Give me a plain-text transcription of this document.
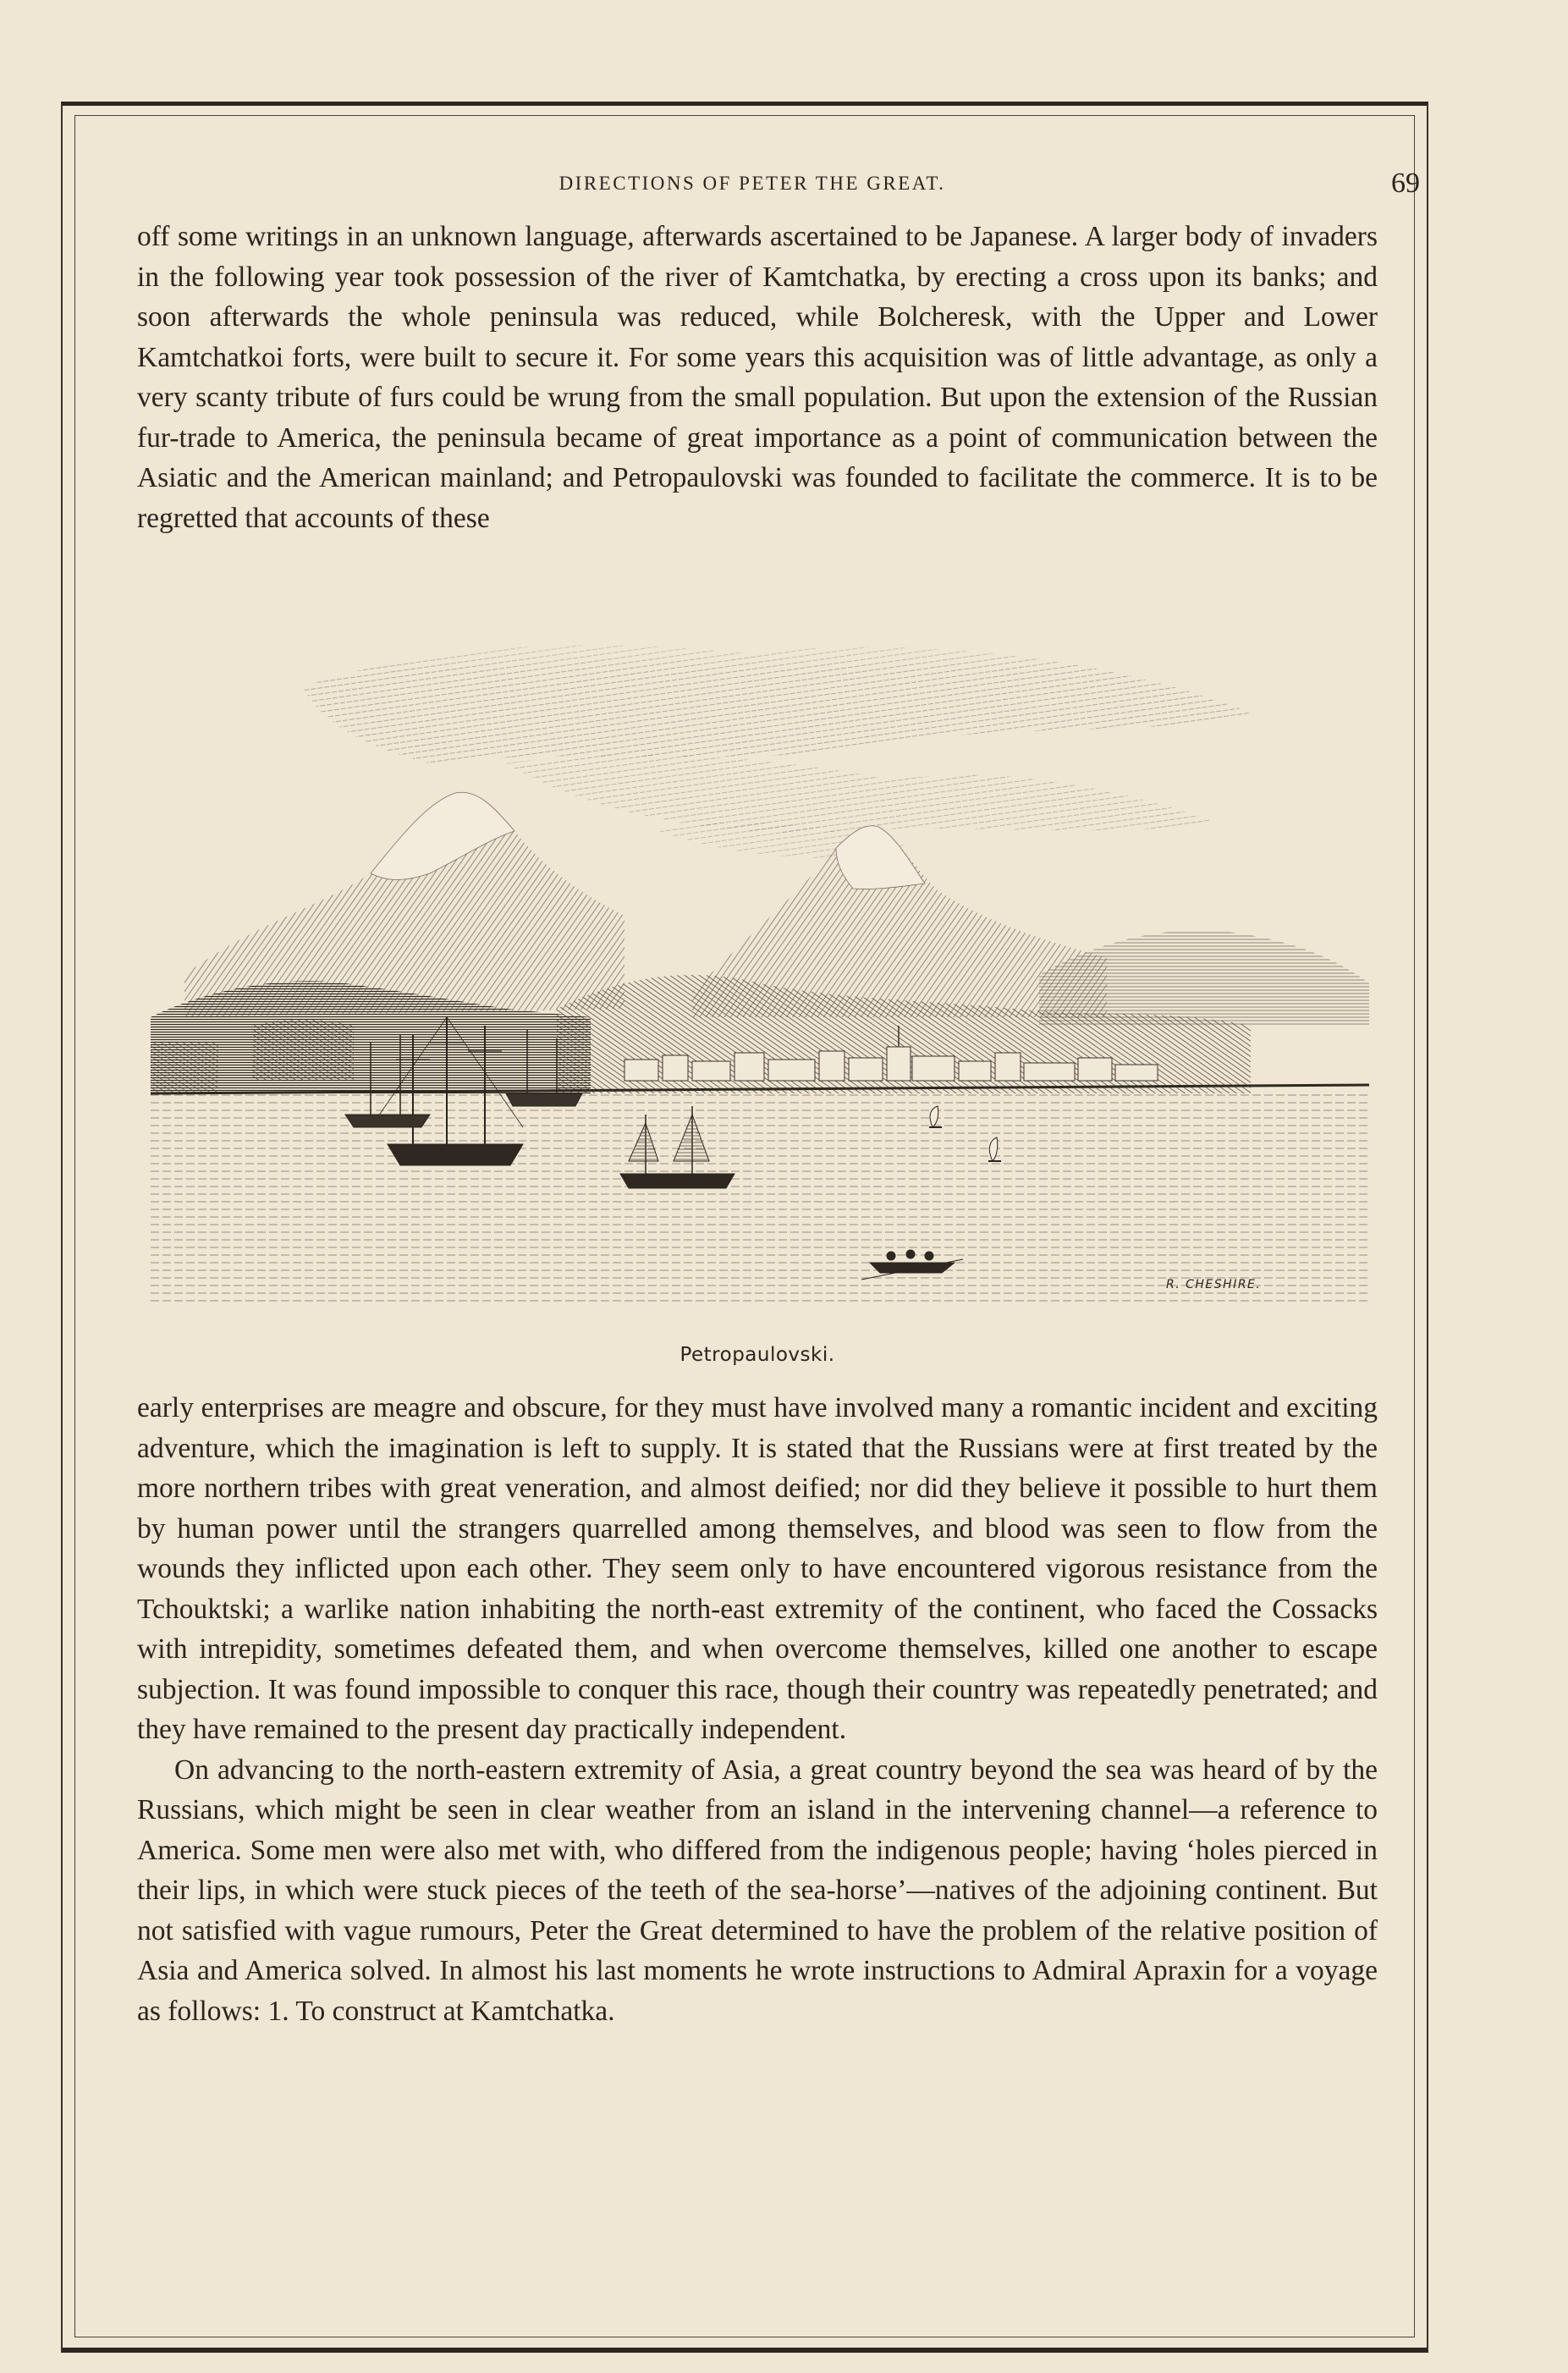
DIRECTIONS OF PETER THE GREAT.	69

off some writings in an unknown language, afterwards ascertained to be Japanese. A larger body of invaders in the following year took possession of the river of Kamtchatka, by erecting a cross upon its banks; and soon afterwards the whole peninsula was reduced, while Bolcheresk, with the Upper and Lower Kamtchatkoi forts, were built to secure it. For some years this acquisition was of little advantage, as only a very scanty tribute of furs could be wrung from the small population. But upon the extension of the Russian fur-trade to America, the peninsula became of great importance as a point of communication between the Asiatic and the American mainland; and Petropaulovski was founded to facilitate the commerce. It is to be regretted that accounts of these

R. CHESHIRE.
Petropaulovski.

early enterprises are meagre and obscure, for they must have involved many a romantic incident and exciting adventure, which the imagination is left to supply. It is stated that the Russians were at first treated by the more northern tribes with great veneration, and almost deified; nor did they believe it possible to hurt them by human power until the strangers quarrelled among themselves, and blood was seen to flow from the wounds they inflicted upon each other. They seem only to have encountered vigorous resistance from the Tchouktski; a warlike nation inhabiting the north-east extremity of the continent, who faced the Cossacks with intrepidity, sometimes defeated them, and when overcome themselves, killed one another to escape subjection. It was found impossible to conquer this race, though their country was repeatedly penetrated; and they have remained to the present day practically independent.

On advancing to the north-eastern extremity of Asia, a great country beyond the sea was heard of by the Russians, which might be seen in clear weather from an island in the intervening channel—a reference to America. Some men were also met with, who differed from the indigenous people; having ‘holes pierced in their lips, in which were stuck pieces of the teeth of the sea-horse’—natives of the adjoining continent. But not satisfied with vague rumours, Peter the Great determined to have the problem of the relative position of Asia and America solved. In almost his last moments he wrote instructions to Admiral Apraxin for a voyage as follows: 1. To construct at Kamtchatka.
